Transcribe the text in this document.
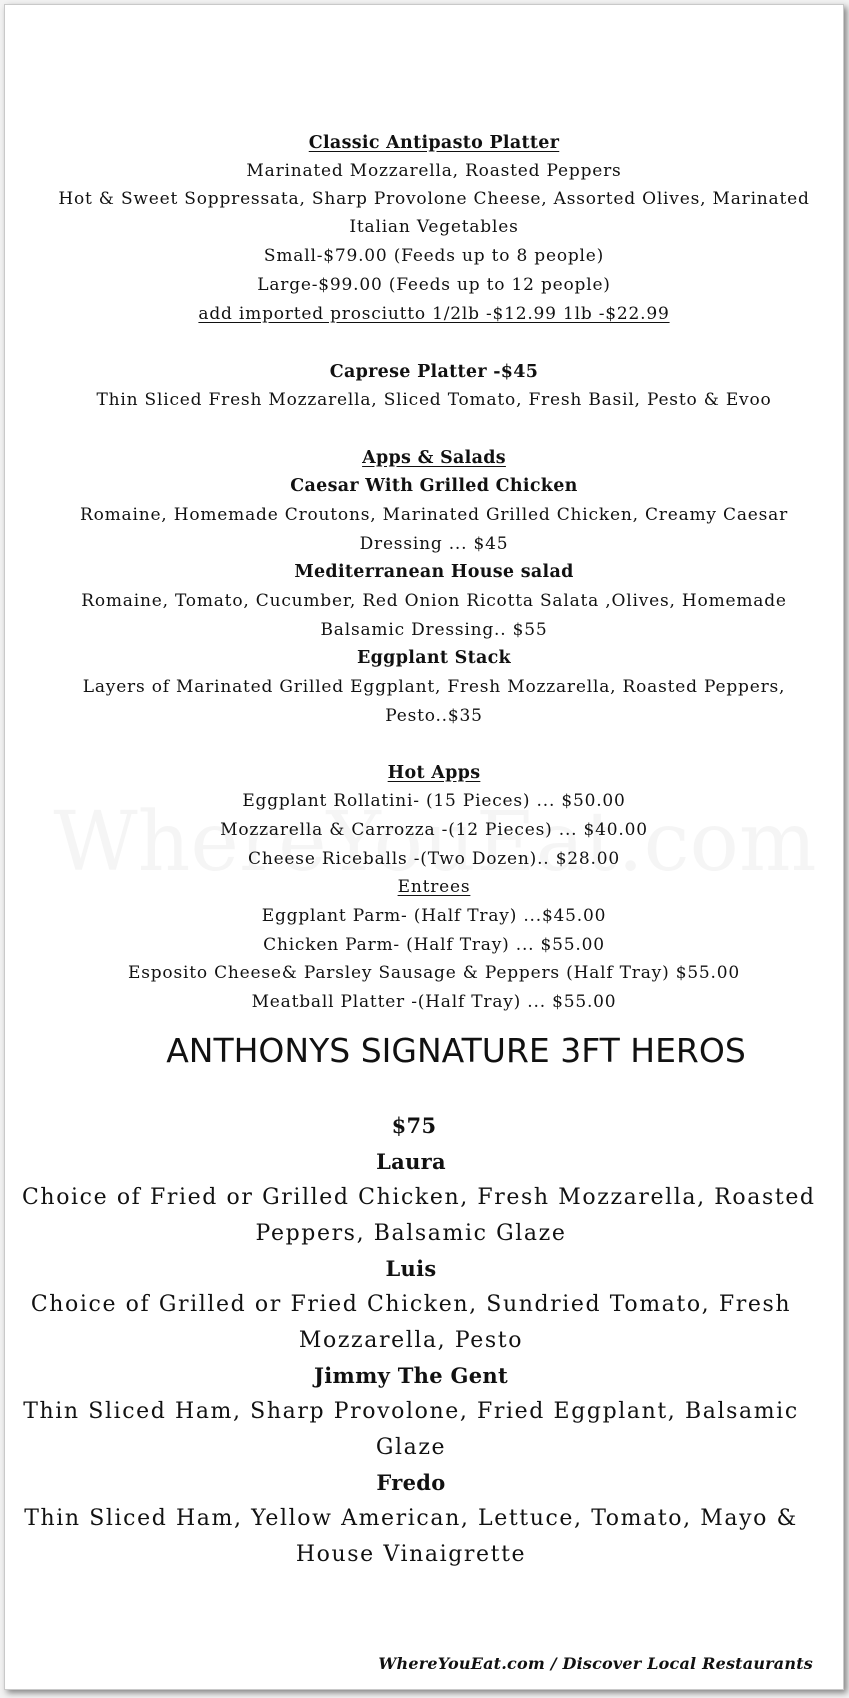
Classic Antipasto Platter
Marinated Mozzarella, Roasted Peppers
Hot & Sweet Soppressata, Sharp Provolone Cheese, Assorted Olives, Marinated
Italian Vegetables
Small-$79.00 (Feeds up to 8 people)
Large-$99.00 (Feeds up to 12 people)
add imported prosciutto 1/2lb -$12.99 1lb -$22.99
Caprese Platter -$45
Thin Sliced Fresh Mozzarella, Sliced Tomato, Fresh Basil, Pesto & Evoo
Apps & Salads
Caesar With Grilled Chicken
Romaine, Homemade Croutons, Marinated Grilled Chicken, Creamy Caesar
Dressing ... $45
Mediterranean House salad
Romaine, Tomato, Cucumber, Red Onion Ricotta Salata ,Olives, Homemade
Balsamic Dressing.. $55
Eggplant Stack
Layers of Marinated Grilled Eggplant, Fresh Mozzarella, Roasted Peppers,
Pesto..$35
Hot Apps
Eggplant Rollatini- (15 Pieces) ... $50.00
Mozzarella & Carrozza -(12 Pieces) ... $40.00
Cheese Riceballs -(Two Dozen).. $28.00
Entrees
Eggplant Parm- (Half Tray) ...$45.00
Chicken Parm- (Half Tray) ... $55.00
Esposito Cheese& Parsley Sausage & Peppers (Half Tray) $55.00
Meatball Platter -(Half Tray) ... $55.00
ANTHONYS SIGNATURE 3FT HEROS
$75
Laura
Choice of Fried or Grilled Chicken, Fresh Mozzarella, Roasted
Peppers, Balsamic Glaze
Luis
Choice of Grilled or Fried Chicken, Sundried Tomato, Fresh
Mozzarella, Pesto
Jimmy The Gent
Thin Sliced Ham, Sharp Provolone, Fried Eggplant, Balsamic
Glaze
Fredo
Thin Sliced Ham, Yellow American, Lettuce, Tomato, Mayo &
House Vinaigrette
WhereYouEat.com / Discover Local Restaurants
